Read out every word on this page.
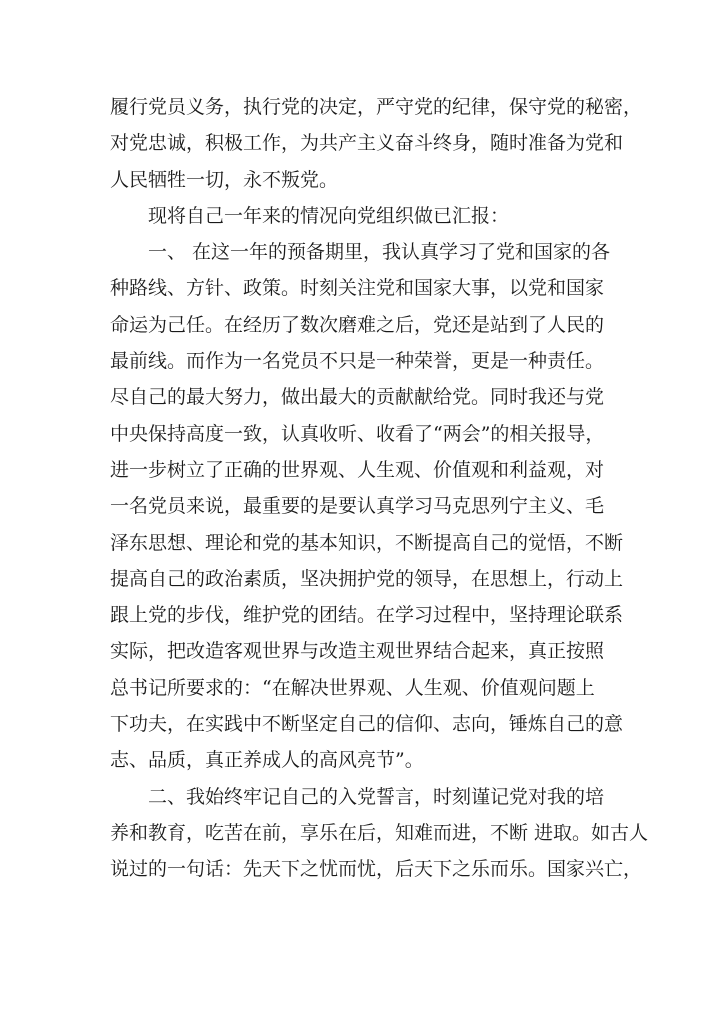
履行党员义务，执行党的决定，严守党的纪律，保守党的秘密，
对党忠诚，积极工作，为共产主义奋斗终身，随时准备为党和
人民牺牲一切，永不叛党。
现将自己一年来的情况向党组织做已汇报：
一、 在这一年的预备期里，我认真学习了党和国家的各
种路线、方针、政策。时刻关注党和国家大事，以党和国家
命运为己任。在经历了数次磨难之后，党还是站到了人民的
最前线。而作为一名党员不只是一种荣誉，更是一种责任。
尽自己的最大努力，做出最大的贡献献给党。同时我还与党
中央保持高度一致，认真收听、收看了“两会”的相关报导，
进一步树立了正确的世界观、人生观、价值观和利益观，对
一名党员来说，最重要的是要认真学习马克思列宁主义、毛
泽东思想、理论和党的基本知识，不断提高自己的觉悟，不断
提高自己的政治素质，坚决拥护党的领导，在思想上，行动上
跟上党的步伐，维护党的团结。在学习过程中，坚持理论联系
实际，把改造客观世界与改造主观世界结合起来，真正按照
总书记所要求的：“在解决世界观、人生观、价值观问题上
下功夫，在实践中不断坚定自己的信仰、志向，锤炼自己的意
志、品质，真正养成人的高风亮节”。
二、我始终牢记自己的入党誓言，时刻谨记党对我的培
养和教育，吃苦在前，享乐在后，知难而进，不断 进取。如古人
说过的一句话：先天下之忧而忧，后天下之乐而乐。国家兴亡，
